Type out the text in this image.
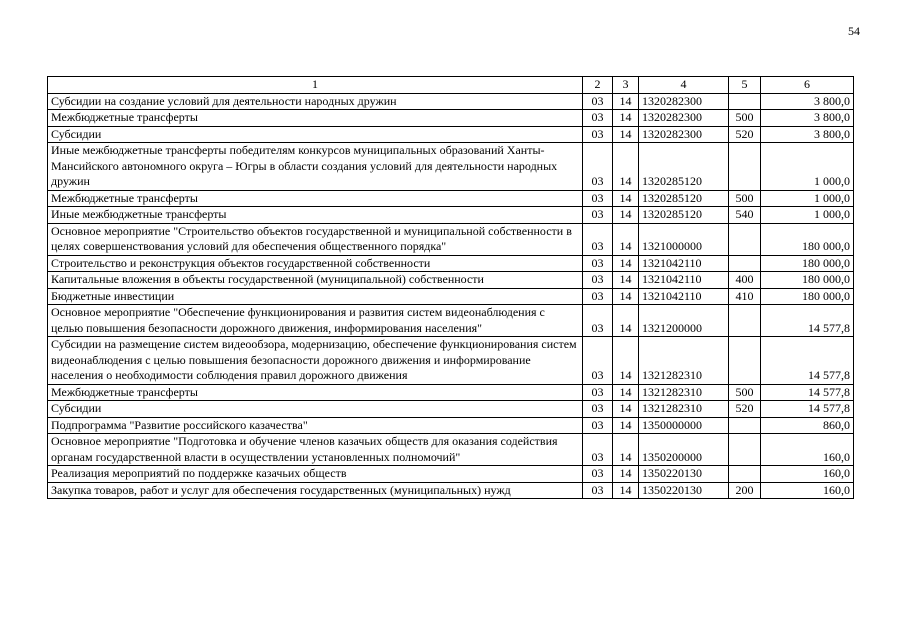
54
1	2	3	4	5	6
Субсидии на создание условий для деятельности народных дружин	03	14	1320282300		3 800,0
Межбюджетные трансферты	03	14	1320282300	500	3 800,0
Субсидии	03	14	1320282300	520	3 800,0
Иные межбюджетные трансферты победителям конкурсов муниципальных образований Ханты-Мансийского автономного округа – Югры в области создания условий для деятельности народных дружин	03	14	1320285120		1 000,0
Межбюджетные трансферты	03	14	1320285120	500	1 000,0
Иные межбюджетные трансферты	03	14	1320285120	540	1 000,0
Основное мероприятие "Строительство объектов государственной и муниципальной собственности в целях совершенствования условий для обеспечения общественного порядка"	03	14	1321000000		180 000,0
Строительство и реконструкция объектов государственной собственности	03	14	1321042110		180 000,0
Капитальные вложения в объекты государственной (муниципальной) собственности	03	14	1321042110	400	180 000,0
Бюджетные инвестиции	03	14	1321042110	410	180 000,0
Основное мероприятие "Обеспечение функционирования и развития систем видеонаблюдения с целью повышения безопасности дорожного движения, информирования населения"	03	14	1321200000		14 577,8
Субсидии на размещение систем видеообзора, модернизацию, обеспечение функционирования систем видеонаблюдения с целью повышения безопасности дорожного движения и информирование населения о необходимости соблюдения правил дорожного движения	03	14	1321282310		14 577,8
Межбюджетные трансферты	03	14	1321282310	500	14 577,8
Субсидии	03	14	1321282310	520	14 577,8
Подпрограмма "Развитие российского казачества"	03	14	1350000000		860,0
Основное мероприятие "Подготовка и обучение членов казачьих обществ для оказания содействия органам государственной власти в осуществлении установленных полномочий"	03	14	1350200000		160,0
Реализация мероприятий по поддержке казачьих обществ	03	14	1350220130		160,0
Закупка товаров, работ и услуг для обеспечения государственных (муниципальных) нужд	03	14	1350220130	200	160,0
